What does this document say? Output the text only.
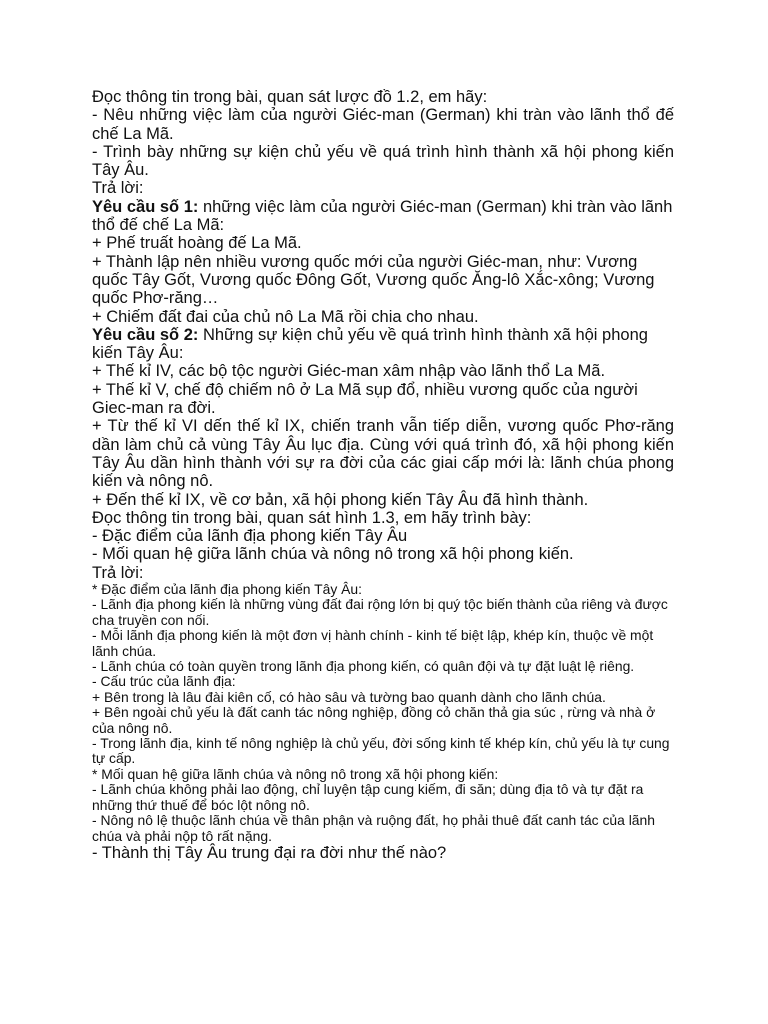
Đọc thông tin trong bài, quan sát lược đồ 1.2, em hãy:

- Nêu những việc làm của người Giéc-man (German) khi tràn vào lãnh thổ đế chế La Mã.

- Trình bày những sự kiện chủ yếu về quá trình hình thành xã hội phong kiến Tây Âu.

Trả lời:

Yêu cầu số 1: những việc làm của người Giéc-man (German) khi tràn vào lãnh thổ đế chế La Mã:

+ Phế truất hoàng đế La Mã.

+ Thành lập nên nhiều vương quốc mới của người Giéc-man, như: Vương quốc Tây Gốt, Vương quốc Đông Gốt, Vương quốc Ăng-lô Xắc-xông; Vương quốc Phơ-răng…

+ Chiếm đất đai của chủ nô La Mã rồi chia cho nhau.

Yêu cầu số 2: Những sự kiện chủ yếu về quá trình hình thành xã hội phong kiến Tây Âu:

+ Thế kỉ IV, các bộ tộc người Giéc-man xâm nhập vào lãnh thổ La Mã.

+ Thế kỉ V, chế độ chiếm nô ở La Mã sụp đổ, nhiều vương quốc của người Giec-man ra đời.

+ Từ thế kỉ VI dến thế kỉ IX, chiến tranh vẫn tiếp diễn, vương quốc Phơ-răng dần làm chủ cả vùng Tây Âu lục địa. Cùng với quá trình đó, xã hội phong kiến Tây Âu dần hình thành với sự ra đời của các giai cấp mới là: lãnh chúa phong kiến và nông nô.

+ Đến thế kỉ IX, về cơ bản, xã hội phong kiến Tây Âu đã hình thành.

Đọc thông tin trong bài, quan sát hình 1.3, em hãy trình bày:

- Đặc điểm của lãnh địa phong kiến Tây Âu

- Mối quan hệ giữa lãnh chúa và nông nô trong xã hội phong kiến.

Trả lời:

* Đặc điểm của lãnh địa phong kiến Tây Âu:

- Lãnh địa phong kiến là những vùng đất đai rộng lớn bị quý tộc biến thành của riêng và được cha truyền con nối.

- Mỗi lãnh địa phong kiến là một đơn vị hành chính - kinh tế biệt lập, khép kín, thuộc về một lãnh chúa.

- Lãnh chúa có toàn quyền trong lãnh địa phong kiến, có quân đội và tự đặt luật lệ riêng.

- Cấu trúc của lãnh địa:

+ Bên trong là lâu đài kiên cố, có hào sâu và tường bao quanh dành cho lãnh chúa.

+ Bên ngoài chủ yếu là đất canh tác nông nghiệp, đồng cỏ chăn thả gia súc , rừng và nhà ở của nông nô.

- Trong lãnh địa, kinh tế nông nghiệp là chủ yếu, đời sống kinh tế khép kín, chủ yếu là tự cung tự cấp.

* Mối quan hệ giữa lãnh chúa và nông nô trong xã hội phong kiến:

- Lãnh chúa không phải lao động, chỉ luyện tập cung kiếm, đi săn; dùng địa tô và tự đặt ra những thứ thuế để bóc lột nông nô.

- Nông nô lệ thuộc lãnh chúa về thân phận và ruộng đất, họ phải thuê đất canh tác của lãnh chúa và phải nộp tô rất nặng.

- Thành thị Tây Âu trung đại ra đời như thế nào?
